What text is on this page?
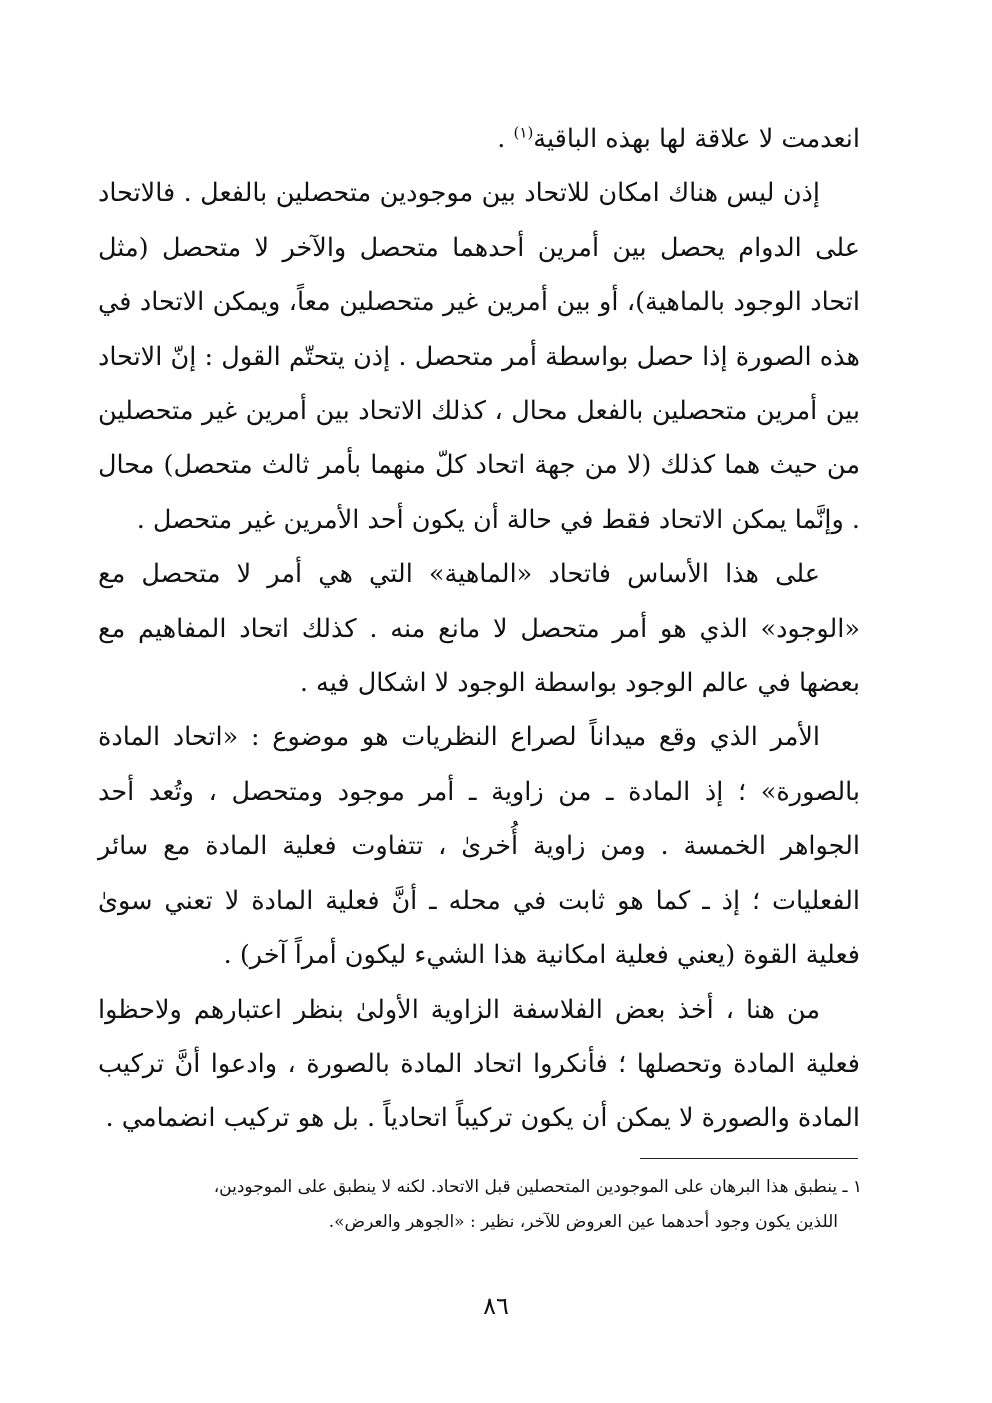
انعدمت لا علاقة لها بهذه الباقية$^{(١)}$ .

إذن ليس هناك امكان للاتحاد بين موجودين متحصلين بالفعل . فالاتحاد على الدوام يحصل بين أمرين أحدهما متحصل والآخر لا متحصل (مثل اتحاد الوجود بالماهية)، أو بين أمرين غير متحصلين معاً، ويمكن الاتحاد في هذه الصورة إذا حصل بواسطة أمر متحصل . إذن يتحتّم القول : إنّ الاتحاد بين أمرين متحصلين بالفعل محال ، كذلك الاتحاد بين أمرين غير متحصلين من حيث هما كذلك (لا من جهة اتحاد كلّ منهما بأمر ثالث متحصل) محال . وإنَّما يمكن الاتحاد فقط في حالة أن يكون أحد الأمرين غير متحصل .

على هذا الأساس فاتحاد «الماهية» التي هي أمر لا متحصل مع «الوجود» الذي هو أمر متحصل لا مانع منه . كذلك اتحاد المفاهيم مع بعضها في عالم الوجود بواسطة الوجود لا اشكال فيه .

الأمر الذي وقع ميداناً لصراع النظريات هو موضوع : «اتحاد المادة بالصورة» ؛ إذ المادة ـ من زاوية ـ أمر موجود ومتحصل ، وتُعد أحد الجواهر الخمسة . ومن زاوية أُخرىٰ ، تتفاوت فعلية المادة مع سائر الفعليات ؛ إذ ـ كما هو ثابت في محله ـ أنَّ فعلية المادة لا تعني سوىٰ فعلية القوة (يعني فعلية امكانية هذا الشيء ليكون أمراً آخر) .

من هنا ، أخذ بعض الفلاسفة الزاوية الأولىٰ بنظر اعتبارهم ولاحظوا فعلية المادة وتحصلها ؛ فأنكروا اتحاد المادة بالصورة ، وادعوا أنَّ تركيب المادة والصورة لا يمكن أن يكون تركيباً اتحادياً . بل هو تركيب انضمامي .

١ ـ ينطبق هذا البرهان على الموجودين المتحصلين قبل الاتحاد. لكنه لا ينطبق على الموجودين،
اللذين يكون وجود أحدهما عين العروض للآخر، نظير : «الجوهر والعرض».
٨٦
